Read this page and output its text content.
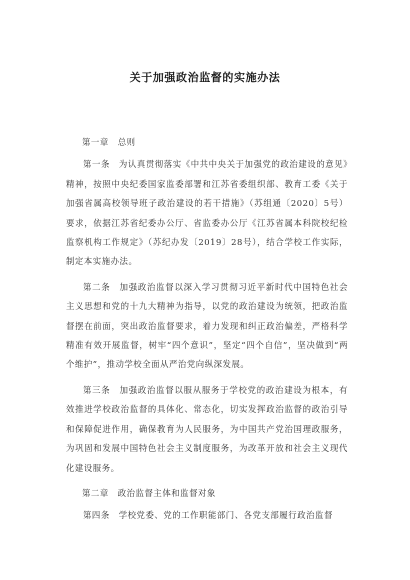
关于加强政治监督的实施办法
第一章　总则
第一条　为认真贯彻落实《中共中央关于加强党的政治建设的意见》精神，按照中央纪委国家监委部署和江苏省委组织部、教育工委《关于加强省属高校领导班子政治建设的若干措施》（苏组通〔2020〕5号）要求，依据江苏省纪委办公厅、省监委办公厅《江苏省属本科院校纪检监察机构工作规定》（苏纪办发〔2019〕28号），结合学校工作实际，制定本实施办法。
第二条　加强政治监督以深入学习贯彻习近平新时代中国特色社会主义思想和党的十九大精神为指导，以党的政治建设为统领，把政治监督摆在前面，突出政治监督要求，着力发现和纠正政治偏差，严格科学精准有效开展监督，树牢“四个意识”，坚定“四个自信”，坚决做到“两个维护”，推动学校全面从严治党向纵深发展。
第三条　加强政治监督以服从服务于学校党的政治建设为根本，有效推进学校政治监督的具体化、常态化，切实发挥政治监督的政治引导和保障促进作用，确保教育为人民服务，为中国共产党治国理政服务，为巩固和发展中国特色社会主义制度服务，为改革开放和社会主义现代化建设服务。
第二章　政治监督主体和监督对象
第四条　学校党委、党的工作职能部门、各党支部履行政治监督
